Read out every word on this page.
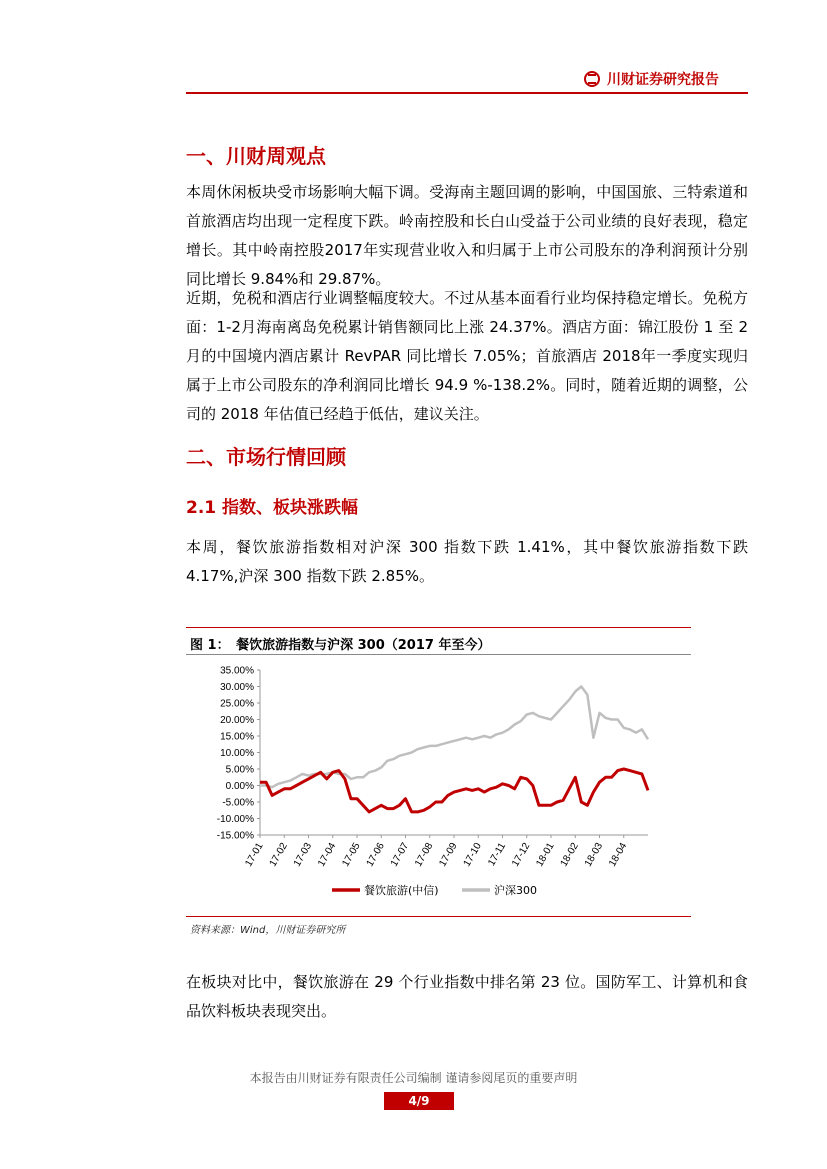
川财证券研究报告
一、川财周观点
本周休闲板块受市场影响大幅下调。受海南主题回调的影响，中国国旅、三特索道和首旅酒店均出现一定程度下跌。岭南控股和长白山受益于公司业绩的良好表现，稳定增长。其中岭南控股2017年实现营业收入和归属于上市公司股东的净利润预计分别同比增长 9.84%和 29.87%。
近期，免税和酒店行业调整幅度较大。不过从基本面看行业均保持稳定增长。免税方面：1-2月海南离岛免税累计销售额同比上涨 24.37%。酒店方面：锦江股份 1 至 2 月的中国境内酒店累计 RevPAR 同比增长 7.05%；首旅酒店 2018年一季度实现归属于上市公司股东的净利润同比增长 94.9 %-138.2%。同时，随着近期的调整，公司的 2018 年估值已经趋于低估，建议关注。
二、市场行情回顾
2.1 指数、板块涨跌幅
本周，餐饮旅游指数相对沪深 300 指数下跌 1.41%，其中餐饮旅游指数下跌 4.17%,沪深 300 指数下跌 2.85%。
图 1：　餐饮旅游指数与沪深 300（2017 年至今）
35.00%
30.00%
25.00%
20.00%
15.00%
10.00%
5.00%
0.00%
-5.00%
-10.00%
-15.00%
17-01 17-02 17-03 17-04 17-05 17-06 17-07 17-08 17-09 17-10 17-11 17-12 18-01 18-02 18-03 18-04
餐饮旅游(中信)	沪深300
资料来源：Wind，川财证券研究所
在板块对比中，餐饮旅游在 29 个行业指数中排名第 23 位。国防军工、计算机和食品饮料板块表现突出。
本报告由川财证券有限责任公司编制 谨请参阅尾页的重要声明
4/9
